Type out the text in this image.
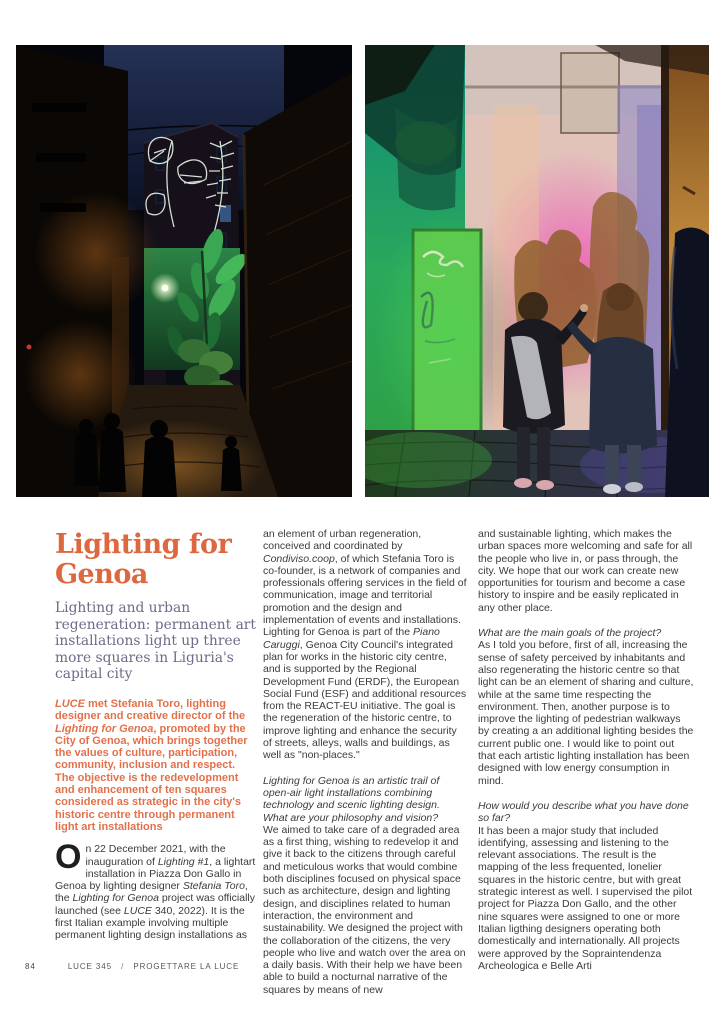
Lighting for
Genoa

Lighting and urban regeneration: permanent art installations light up three more squares in Liguria's capital city

LUCE met Stefania Toro, lighting designer and creative director of the Lighting for Genoa, promoted by the City of Genoa, which brings together the values of culture, participation, community, inclusion and respect. The objective is the redevelopment and enhancement of ten squares considered as strategic in the city's historic centre through permanent light art installations

On 22 December 2021, with the inauguration of Lighting #1, a lightart installation in Piazza Don Gallo in Genoa by lighting designer Stefania Toro, the Lighting for Genoa project was officially launched (see LUCE 340, 2022). It is the first Italian example involving multiple permanent lighting design installations as

an element of urban regeneration, conceived and coordinated by Condiviso.coop, of which Stefania Toro is co-founder, is a network of companies and professionals offering services in the field of communication, image and territorial promotion and the design and implementation of events and installations. Lighting for Genoa is part of the Piano Caruggi, Genoa City Council's integrated plan for works in the historic city centre, and is supported by the Regional Development Fund (ERDF), the European Social Fund (ESF) and additional resources from the REACT-EU initiative. The goal is the regeneration of the historic centre, to improve lighting and enhance the security of streets, alleys, walls and buildings, as well as "non-places."

Lighting for Genoa is an artistic trail of open-air light installations combining technology and scenic lighting design. What are your philosophy and vision?

We aimed to take care of a degraded area as a first thing, wishing to redevelop it and give it back to the citizens through careful and meticulous works that would combine both disciplines focused on physical space such as architecture, design and lighting design, and disciplines related to human interaction, the environment and sustainability. We designed the project with the collaboration of the citizens, the very people who live and watch over the area on a daily basis. With their help we have been able to build a nocturnal narrative of the squares by means of new

and sustainable lighting, which makes the urban spaces more welcoming and safe for all the people who live in, or pass through, the city. We hope that our work can create new opportunities for tourism and become a case history to inspire and be easily replicated in any other place.

What are the main goals of the project?

As I told you before, first of all, increasing the sense of safety perceived by inhabitants and also regenerating the historic centre so that light can be an element of sharing and culture, while at the same time respecting the environment. Then, another purpose is to improve the lighting of pedestrian walkways by creating a an additional lighting besides the current public one. I would like to point out that each artistic lighting installation has been designed with low energy consumption in mind.

How would you describe what you have done so far?

It has been a major study that included identifying, assessing and listening to the relevant associations. The result is the mapping of the less frequented, lonelier squares in the historic centre, but with great strategic interest as well. I supervised the pilot project for Piazza Don Gallo, and the other nine squares were assigned to one or more Italian ligthing designers operating both domestically and internationally. All projects were approved by the Sopraintendenza Archeologica e Belle Arti

84	LUCE 345 / PROGETTARE LA LUCE
